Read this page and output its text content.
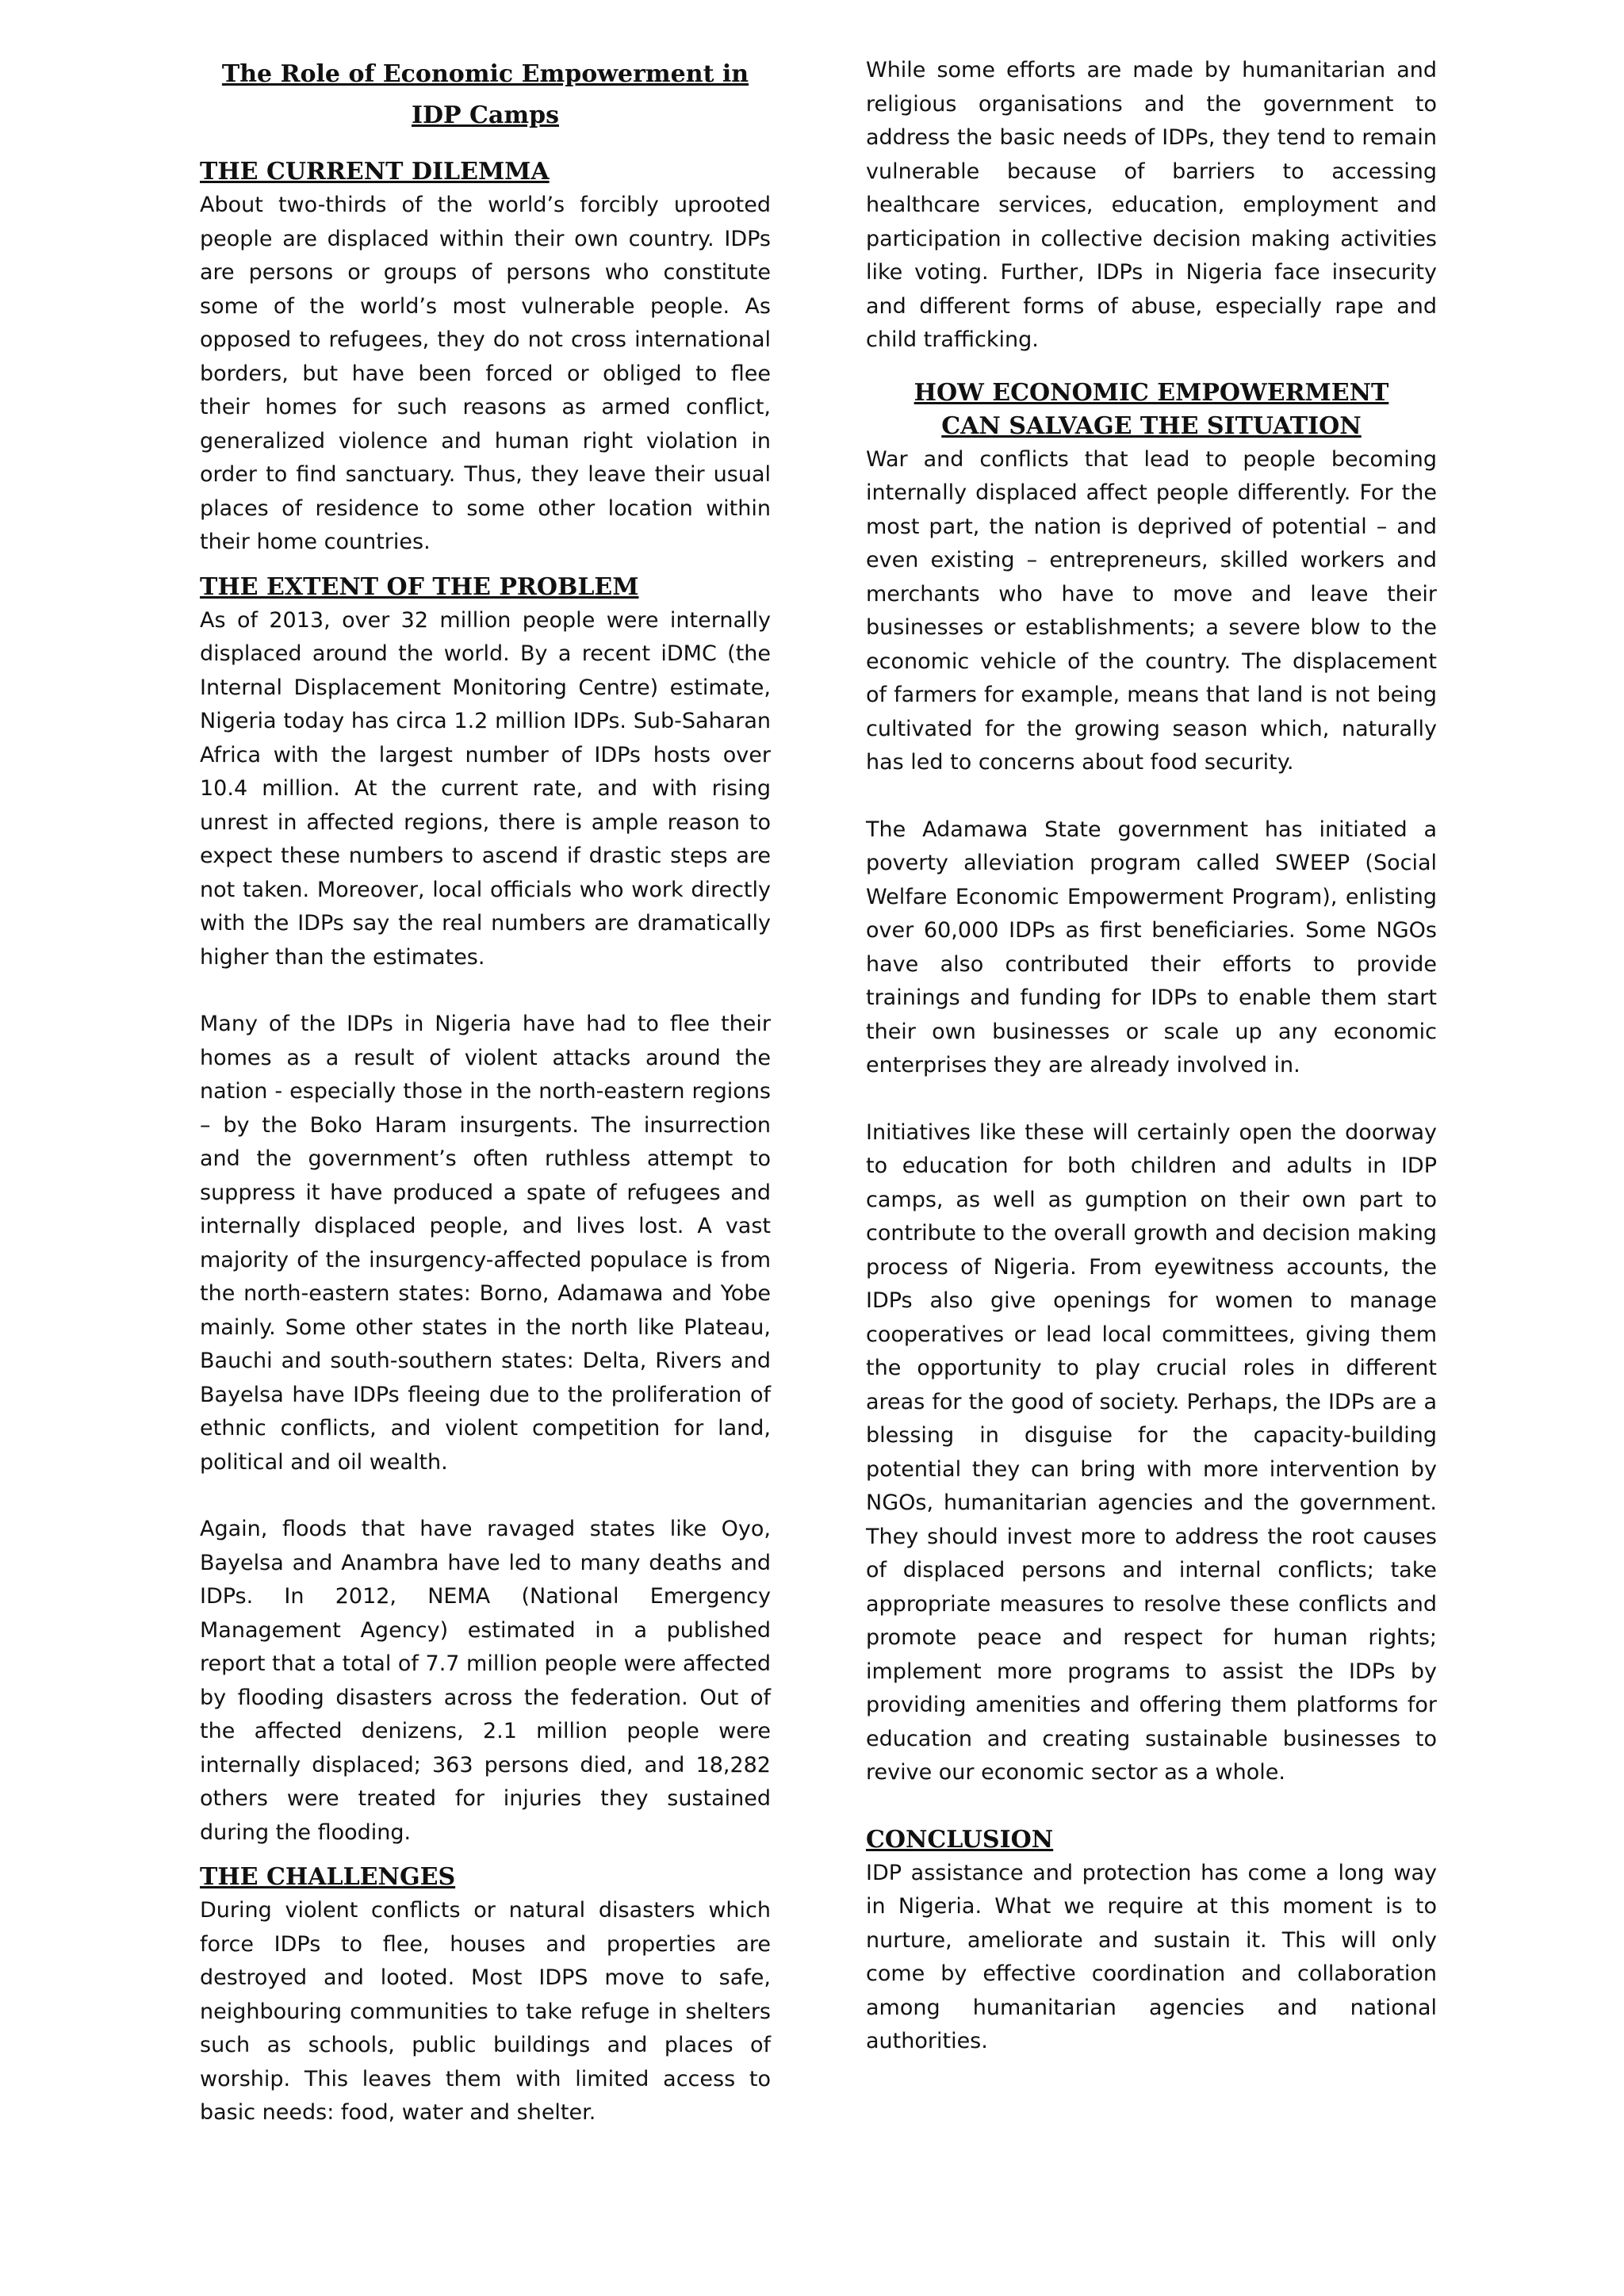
The Role of Economic Empowerment in IDP Camps
THE CURRENT DILEMMA

About two-thirds of the world’s forcibly uprooted people are displaced within their own country. IDPs are persons or groups of persons who constitute some of the world’s most vulnerable people. As opposed to refugees, they do not cross international borders, but have been forced or obliged to flee their homes for such reasons as armed conflict, generalized violence and human right violation in order to find sanctuary. Thus, they leave their usual places of residence to some other location within their home countries.

THE EXTENT OF THE PROBLEM

As of 2013, over 32 million people were internally displaced around the world. By a recent iDMC (the Internal Displacement Monitoring Centre) estimate, Nigeria today has circa 1.2 million IDPs. Sub-Saharan Africa with the largest number of IDPs hosts over 10.4 million. At the current rate, and with rising unrest in affected regions, there is ample reason to expect these numbers to ascend if drastic steps are not taken. Moreover, local officials who work directly with the IDPs say the real numbers are dramatically higher than the estimates.

Many of the IDPs in Nigeria have had to flee their homes as a result of violent attacks around the nation - especially those in the north-eastern regions – by the Boko Haram insurgents. The insurrection and the government’s often ruthless attempt to suppress it have produced a spate of refugees and internally displaced people, and lives lost. A vast majority of the insurgency-affected populace is from the north-eastern states: Borno, Adamawa and Yobe mainly. Some other states in the north like Plateau, Bauchi and south-southern states: Delta, Rivers and Bayelsa have IDPs fleeing due to the proliferation of ethnic conflicts, and violent competition for land, political and oil wealth.

Again, floods that have ravaged states like Oyo, Bayelsa and Anambra have led to many deaths and IDPs. In 2012, NEMA (National Emergency Management Agency) estimated in a published report that a total of 7.7 million people were affected by flooding disasters across the federation. Out of the affected denizens, 2.1 million people were internally displaced; 363 persons died, and 18,282 others were treated for injuries they sustained during the flooding.

THE CHALLENGES

During violent conflicts or natural disasters which force IDPs to flee, houses and properties are destroyed and looted. Most IDPS move to safe, neighbouring communities to take refuge in shelters such as schools, public buildings and places of worship. This leaves them with limited access to basic needs: food, water and shelter.

While some efforts are made by humanitarian and religious organisations and the government to address the basic needs of IDPs, they tend to remain vulnerable because of barriers to accessing healthcare services, education, employment and participation in collective decision making activities like voting. Further, IDPs in Nigeria face insecurity and different forms of abuse, especially rape and child trafficking.

HOW ECONOMIC EMPOWERMENT CAN SALVAGE THE SITUATION

War and conflicts that lead to people becoming internally displaced affect people differently. For the most part, the nation is deprived of potential – and even existing – entrepreneurs, skilled workers and merchants who have to move and leave their businesses or establishments; a severe blow to the economic vehicle of the country. The displacement of farmers for example, means that land is not being cultivated for the growing season which, naturally has led to concerns about food security.

The Adamawa State government has initiated a poverty alleviation program called SWEEP (Social Welfare Economic Empowerment Program), enlisting over 60,000 IDPs as first beneficiaries. Some NGOs have also contributed their efforts to provide trainings and funding for IDPs to enable them start their own businesses or scale up any economic enterprises they are already involved in.

Initiatives like these will certainly open the doorway to education for both children and adults in IDP camps, as well as gumption on their own part to contribute to the overall growth and decision making process of Nigeria. From eyewitness accounts, the IDPs also give openings for women to manage cooperatives or lead local committees, giving them the opportunity to play crucial roles in different areas for the good of society. Perhaps, the IDPs are a blessing in disguise for the capacity-building potential they can bring with more intervention by NGOs, humanitarian agencies and the government. They should invest more to address the root causes of displaced persons and internal conflicts; take appropriate measures to resolve these conflicts and promote peace and respect for human rights; implement more programs to assist the IDPs by providing amenities and offering them platforms for education and creating sustainable businesses to revive our economic sector as a whole.

CONCLUSION

IDP assistance and protection has come a long way in Nigeria. What we require at this moment is to nurture, ameliorate and sustain it. This will only come by effective coordination and collaboration among humanitarian agencies and national authorities.
